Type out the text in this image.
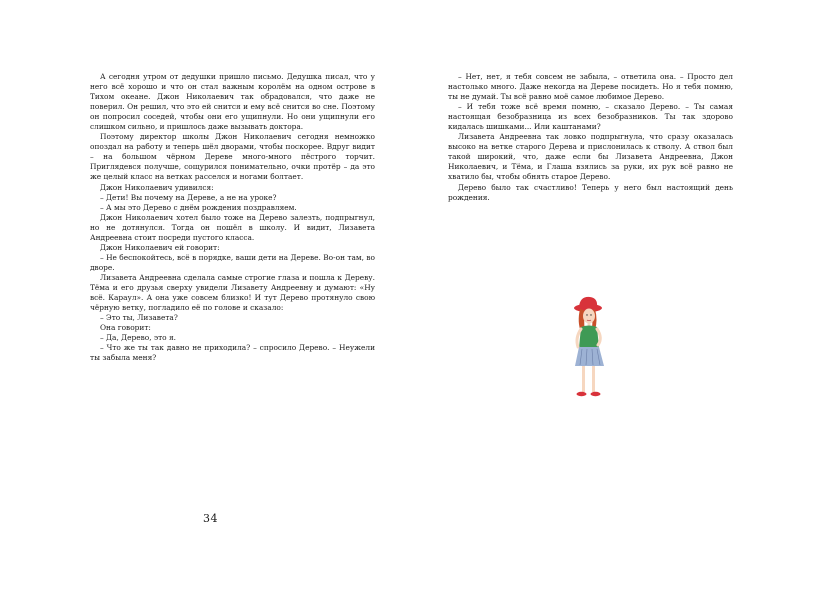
А сегодня утром от дедушки пришло письмо. Дедушка писал, что у него всё хорошо и что он стал важным королём на одном острове в Тихом океане. Джон Николаевич так обрадовался, что даже не поверил. Он решил, что это ей снится и ему всё снится во сне. Поэтому он попросил соседей, чтобы они его ущипнули. Но они ущипнули его слишком сильно, и пришлось даже вызывать доктора.

Поэтому директор школы Джон Николаевич сегодня немножко опоздал на работу и теперь шёл дворами, чтобы поскорее. Вдруг видит – на большом чёрном Дереве много-много пёстрого торчит. Приглядевся получше, сощурился понимательно, очки протёр – да это же целый класс на ветках расселся и ногами болтает.

Джон Николаевич удивился:

– Дети! Вы почему на Дереве, а не на уроке?

– А мы это Дерево с днём рождения поздравляем.

Джон Николаевич хотел было тоже на Дерево залезть, подпрыгнул, но не дотянулся. Тогда он пошёл в школу. И видит, Лизавета Андреевна стоит посреди пустого класса.

Джон Николаевич ей говорит:

– Не беспокойтесь, всё в порядке, ваши дети на Дереве. Во-он там, во дворе.

Лизавета Андреевна сделала самые строгие глаза и пошла к Дереву. Тёма и его друзья сверху увидели Лизавету Андреевну и думают: «Ну всё. Караул». А она уже совсем близко! И тут Дерево протянуло свою чёрную ветку, погладило её по голове и сказало:

– Это ты, Лизавета?

Она говорит:

– Да, Дерево, это я.

– Что же ты так давно не приходила? – спросило Дерево. – Неужели ты забыла меня?

34

– Нет, нет, я тебя совсем не забыла, – ответила она. – Просто дел настолько много. Даже некогда на Дереве посидеть. Но я тебя помню, ты не думай. Ты всё равно моё самое любимое Дерево.

– И тебя тоже всё время помню, – сказало Дерево. – Ты самая настоящая безобразница из всех безобразников. Ты так здорово кидалась шишками... Или каштанами?

Лизавета Андреевна так ловко подпрыгнула, что сразу оказалась высоко на ветке старого Дерева и прислонилась к стволу. А ствол был такой широкий, что, даже если бы Лизавета Андреевна, Джон Николаевич, и Тёма, и Глаша взялись за руки, их рук всё равно не хватило бы, чтобы обнять старое Дерево.

Дерево было так счастливо! Теперь у него был настоящий день рождения.
